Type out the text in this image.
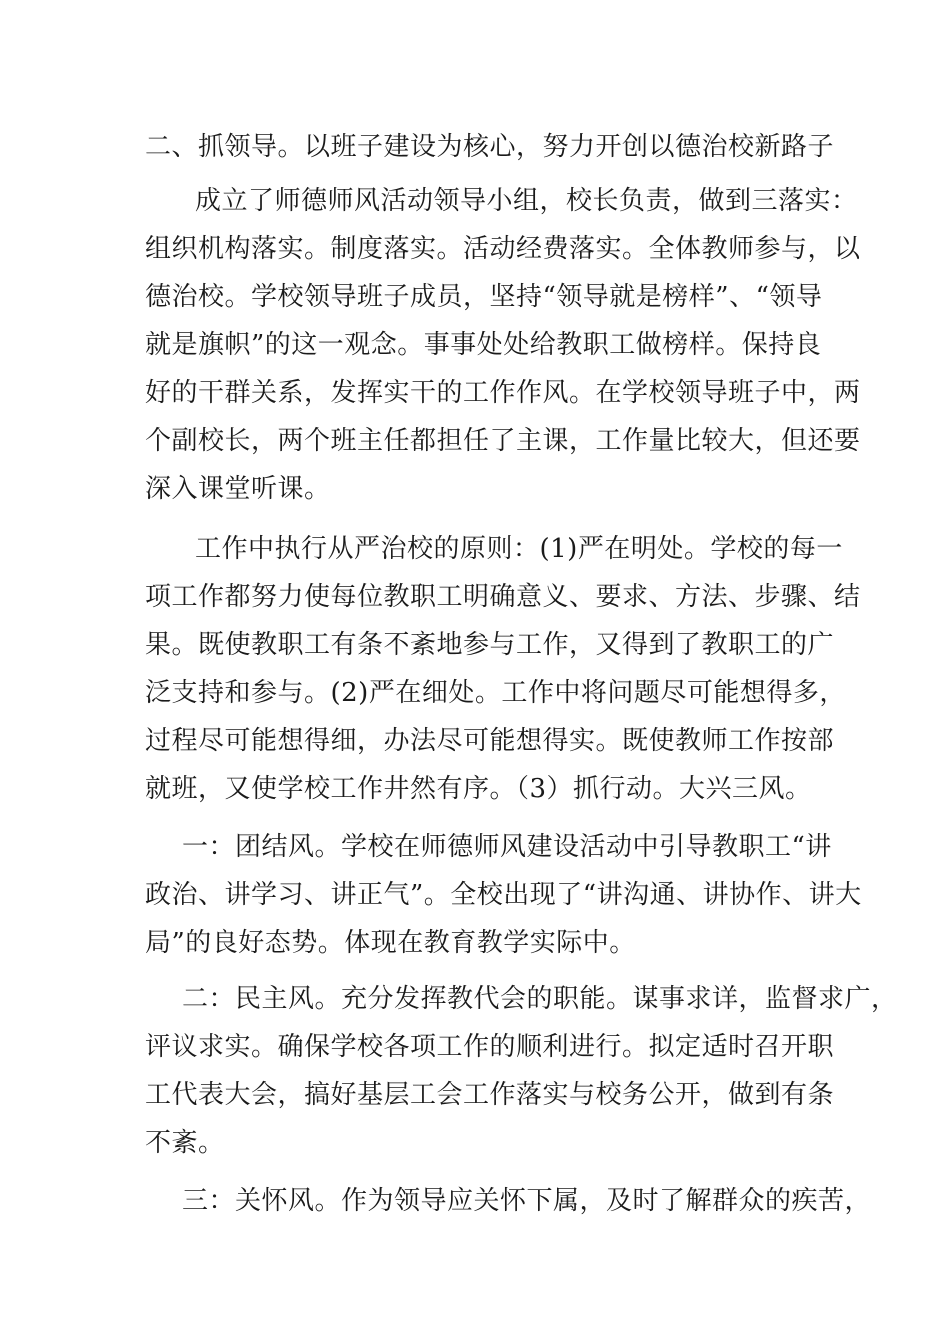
二、抓领导。以班子建设为核心，努力开创以德治校新路子
成立了师德师风活动领导小组，校长负责，做到三落实：
组织机构落实。制度落实。活动经费落实。全体教师参与，以
德治校。学校领导班子成员，坚持“领导就是榜样”、“领导
就是旗帜”的这一观念。事事处处给教职工做榜样。保持良
好的干群关系，发挥实干的工作作风。在学校领导班子中，两
个副校长，两个班主任都担任了主课，工作量比较大，但还要
深入课堂听课。
工作中执行从严治校的原则：(1)严在明处。学校的每一
项工作都努力使每位教职工明确意义、要求、方法、步骤、结
果。既使教职工有条不紊地参与工作，又得到了教职工的广
泛支持和参与。(2)严在细处。工作中将问题尽可能想得多，
过程尽可能想得细，办法尽可能想得实。既使教师工作按部
就班，又使学校工作井然有序。（3）抓行动。大兴三风。
一：团结风。学校在师德师风建设活动中引导教职工“讲
政治、讲学习、讲正气”。全校出现了“讲沟通、讲协作、讲大
局”的良好态势。体现在教育教学实际中。
二：民主风。充分发挥教代会的职能。谋事求详，监督求广，
评议求实。确保学校各项工作的顺利进行。拟定适时召开职
工代表大会，搞好基层工会工作落实与校务公开，做到有条
不紊。
三：关怀风。作为领导应关怀下属，及时了解群众的疾苦，
